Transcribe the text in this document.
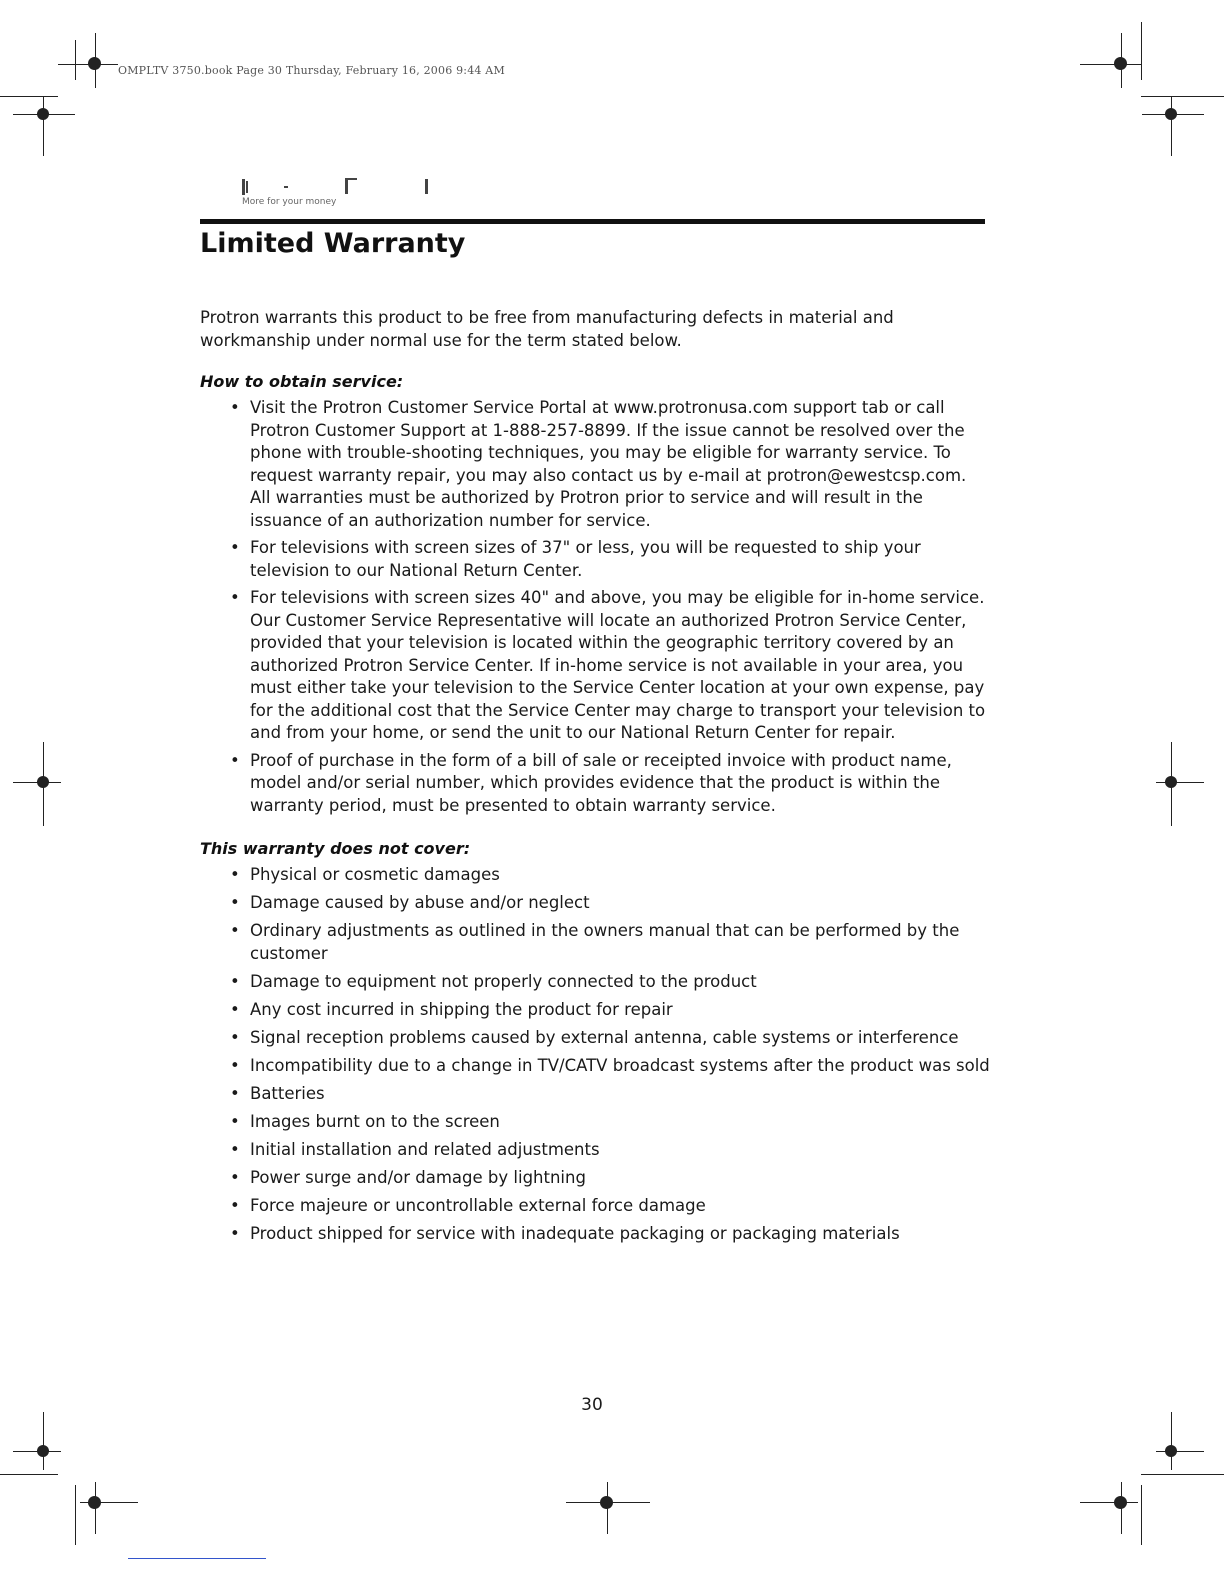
OMPLTV 3750.book Page 30 Thursday, February 16, 2006 9:44 AM
More for your money
Limited Warranty

Protron warrants this product to be free from manufacturing defects in material and workmanship under normal use for the term stated below.

How to obtain service:
• Visit the Protron Customer Service Portal at www.protronusa.com support tab or call Protron Customer Support at 1-888-257-8899. If the issue cannot be resolved over the phone with trouble-shooting techniques, you may be eligible for warranty service. To request warranty repair, you may also contact us by e-mail at protron@ewestcsp.com. All warranties must be authorized by Protron prior to service and will result in the issuance of an authorization number for service.
• For televisions with screen sizes of 37" or less, you will be requested to ship your television to our National Return Center.
• For televisions with screen sizes 40" and above, you may be eligible for in-home service. Our Customer Service Representative will locate an authorized Protron Service Center, provided that your television is located within the geographic territory covered by an authorized Protron Service Center. If in-home service is not available in your area, you must either take your television to the Service Center location at your own expense, pay for the additional cost that the Service Center may charge to transport your television to and from your home, or send the unit to our National Return Center for repair.
• Proof of purchase in the form of a bill of sale or receipted invoice with product name, model and/or serial number, which provides evidence that the product is within the warranty period, must be presented to obtain warranty service.
This warranty does not cover:
• Physical or cosmetic damages
• Damage caused by abuse and/or neglect
• Ordinary adjustments as outlined in the owners manual that can be performed by the customer
• Damage to equipment not properly connected to the product
• Any cost incurred in shipping the product for repair
• Signal reception problems caused by external antenna, cable systems or interference
• Incompatibility due to a change in TV/CATV broadcast systems after the product was sold
• Batteries
• Images burnt on to the screen
• Initial installation and related adjustments
• Power surge and/or damage by lightning
• Force majeure or uncontrollable external force damage
• Product shipped for service with inadequate packaging or packaging materials
30
